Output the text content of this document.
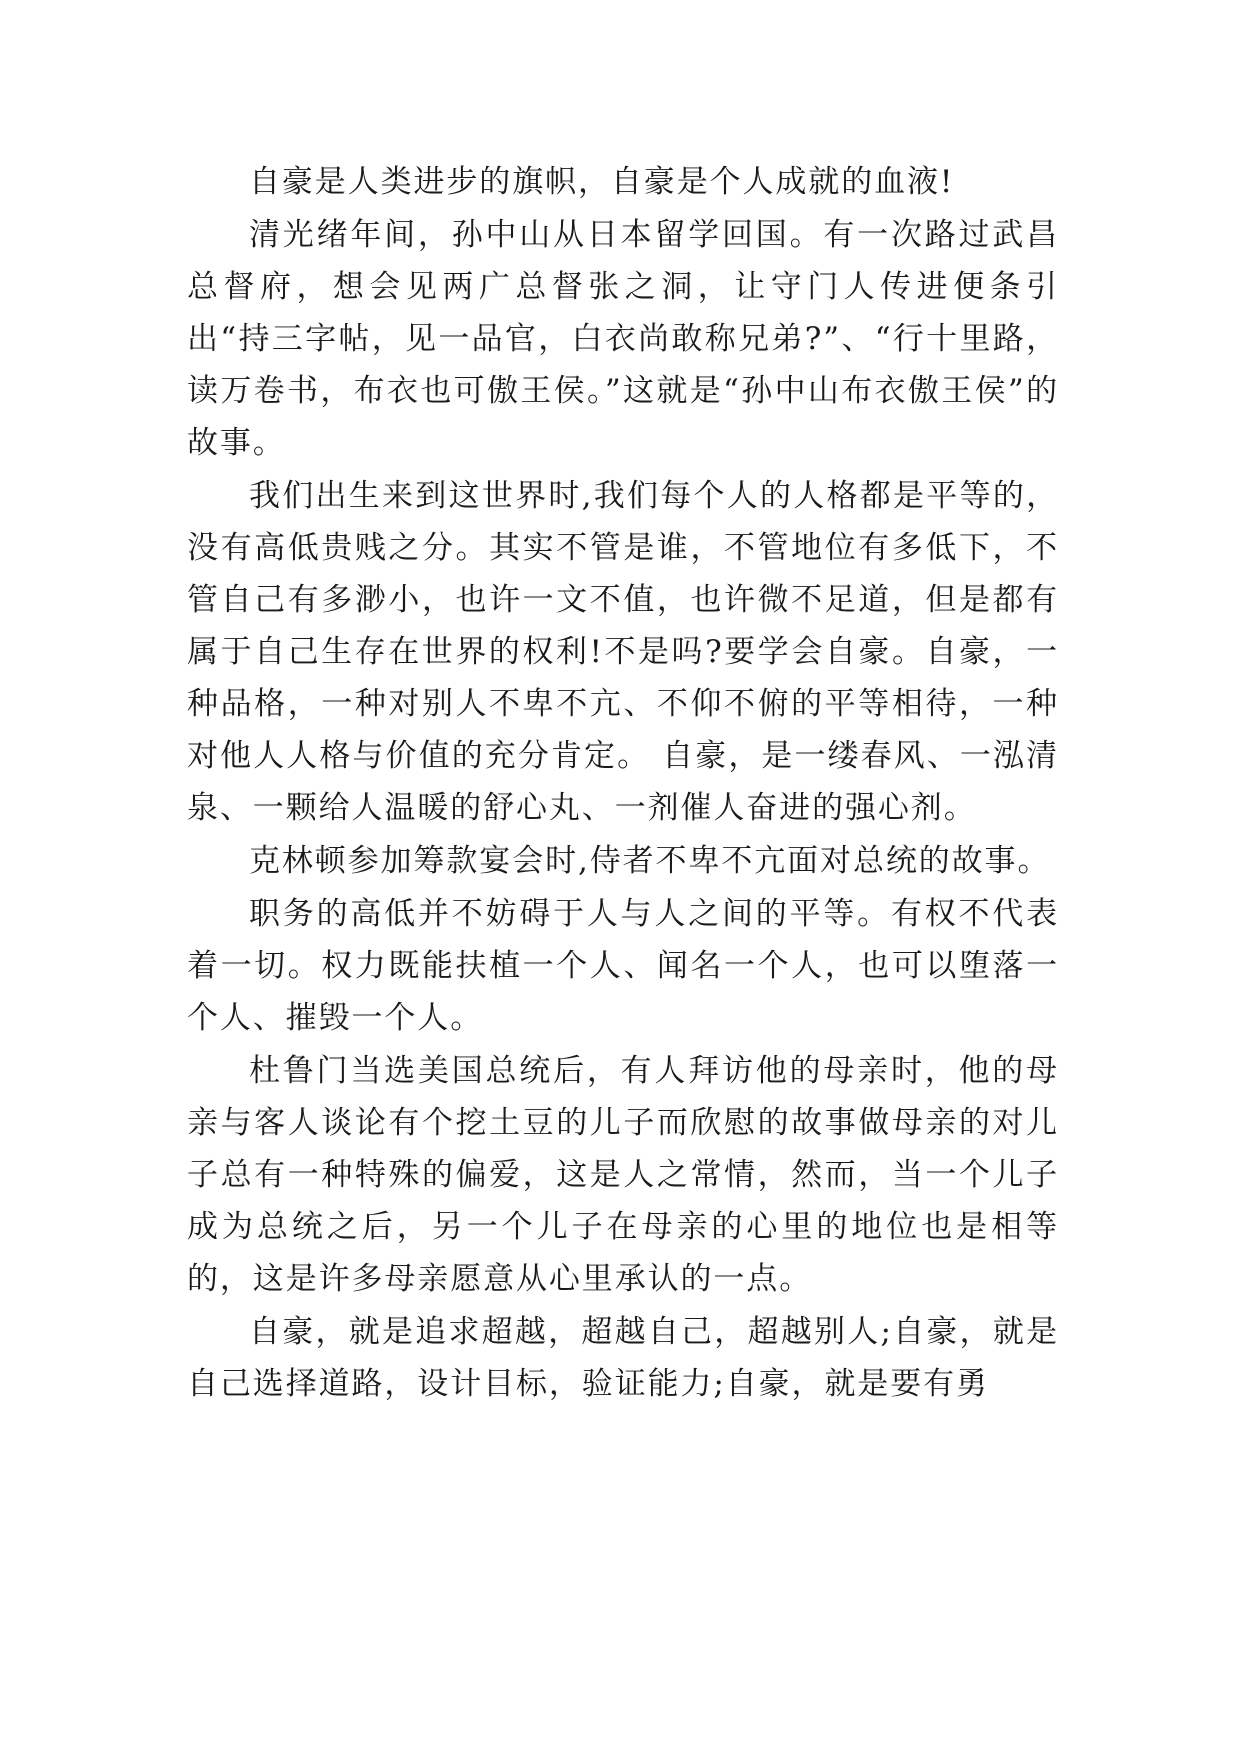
自豪是人类进步的旗帜，自豪是个人成就的血液!

清光绪年间，孙中山从日本留学回国。有一次路过武昌总督府，想会见两广总督张之洞，让守门人传进便条引出“持三字帖，见一品官，白衣尚敢称兄弟?”、“行十里路，读万卷书，布衣也可傲王侯。”这就是“孙中山布衣傲王侯”的故事。

我们出生来到这世界时,我们每个人的人格都是平等的，没有高低贵贱之分。其实不管是谁，不管地位有多低下，不管自己有多渺小，也许一文不值，也许微不足道，但是都有属于自己生存在世界的权利!不是吗?要学会自豪。自豪，一种品格，一种对别人不卑不亢、不仰不俯的平等相待，一种对他人人格与价值的充分肯定。 自豪，是一缕春风、一泓清泉、一颗给人温暖的舒心丸、一剂催人奋进的强心剂。

克林顿参加筹款宴会时,侍者不卑不亢面对总统的故事。

职务的高低并不妨碍于人与人之间的平等。有权不代表着一切。权力既能扶植一个人、闻名一个人，也可以堕落一个人、摧毁一个人。

杜鲁门当选美国总统后，有人拜访他的母亲时，他的母亲与客人谈论有个挖土豆的儿子而欣慰的故事做母亲的对儿子总有一种特殊的偏爱，这是人之常情，然而，当一个儿子成为总统之后，另一个儿子在母亲的心里的地位也是相等的，这是许多母亲愿意从心里承认的一点。

自豪，就是追求超越，超越自己，超越别人;自豪，就是自己选择道路，设计目标，验证能力;自豪，就是要有勇
